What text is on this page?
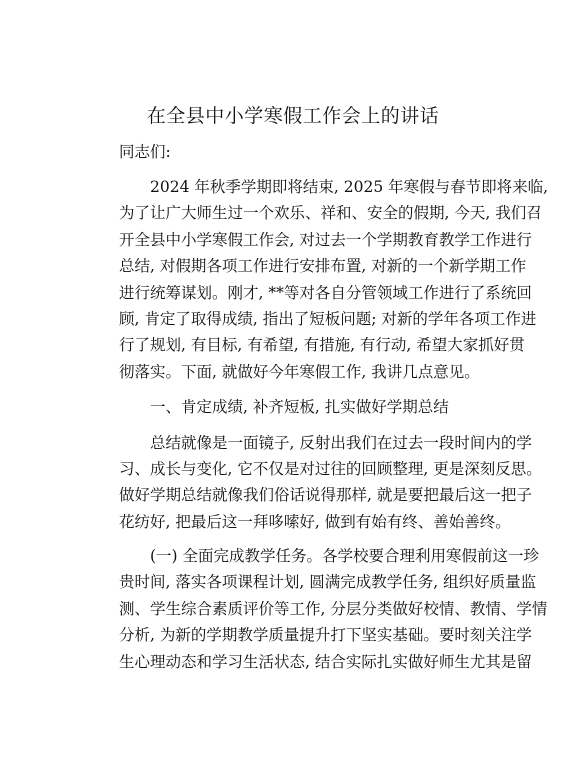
在全县中小学寒假工作会上的讲话
同志们:
2024 年秋季学期即将结束, 2025 年寒假与春节即将来临,
为了让广大师生过一个欢乐、祥和、安全的假期, 今天, 我们召
开全县中小学寒假工作会, 对过去一个学期教育教学工作进行
总结, 对假期各项工作进行安排布置, 对新的一个新学期工作
进行统筹谋划。刚才, **等对各自分管领域工作进行了系统回
顾, 肯定了取得成绩, 指出了短板问题; 对新的学年各项工作进
行了规划, 有目标, 有希望, 有措施, 有行动, 希望大家抓好贯
彻落实。下面, 就做好今年寒假工作, 我讲几点意见。
一、肯定成绩, 补齐短板, 扎实做好学期总结
总结就像是一面镜子, 反射出我们在过去一段时间内的学
习、成长与变化, 它不仅是对过往的回顾整理, 更是深刻反思。
做好学期总结就像我们俗话说得那样, 就是要把最后这一把子
花纺好, 把最后这一拜哆嗦好, 做到有始有终、善始善终。
(一) 全面完成教学任务。各学校要合理利用寒假前这一珍
贵时间, 落实各项课程计划, 圆满完成教学任务, 组织好质量监
测、学生综合素质评价等工作, 分层分类做好校情、教情、学情
分析, 为新的学期教学质量提升打下坚实基础。要时刻关注学
生心理动态和学习生活状态, 结合实际扎实做好师生尤其是留
